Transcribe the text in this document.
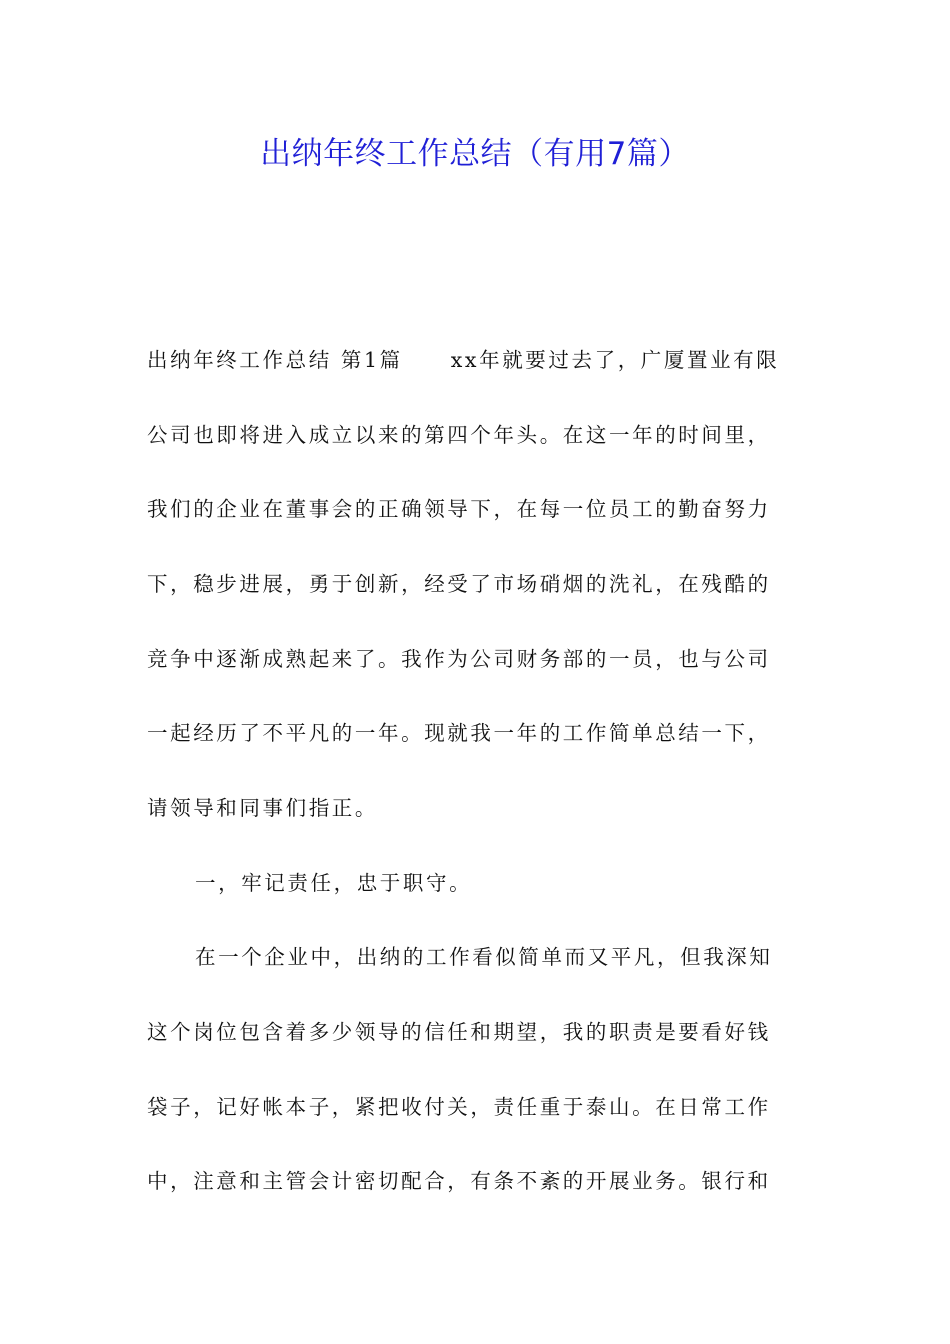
出纳年终工作总结（有用7篇）
出纳年终工作总结 第1篇 xx年就要过去了，广厦置业有限
公司也即将进入成立以来的第四个年头。在这一年的时间里，
我们的企业在董事会的正确领导下，在每一位员工的勤奋努力
下，稳步进展，勇于创新，经受了市场硝烟的洗礼，在残酷的
竞争中逐渐成熟起来了。我作为公司财务部的一员，也与公司
一起经历了不平凡的一年。现就我一年的工作简单总结一下，
请领导和同事们指正。
一，牢记责任，忠于职守。
在一个企业中，出纳的工作看似简单而又平凡，但我深知
这个岗位包含着多少领导的信任和期望，我的职责是要看好钱
袋子，记好帐本子，紧把收付关，责任重于泰山。在日常工作
中，注意和主管会计密切配合，有条不紊的开展业务。银行和
